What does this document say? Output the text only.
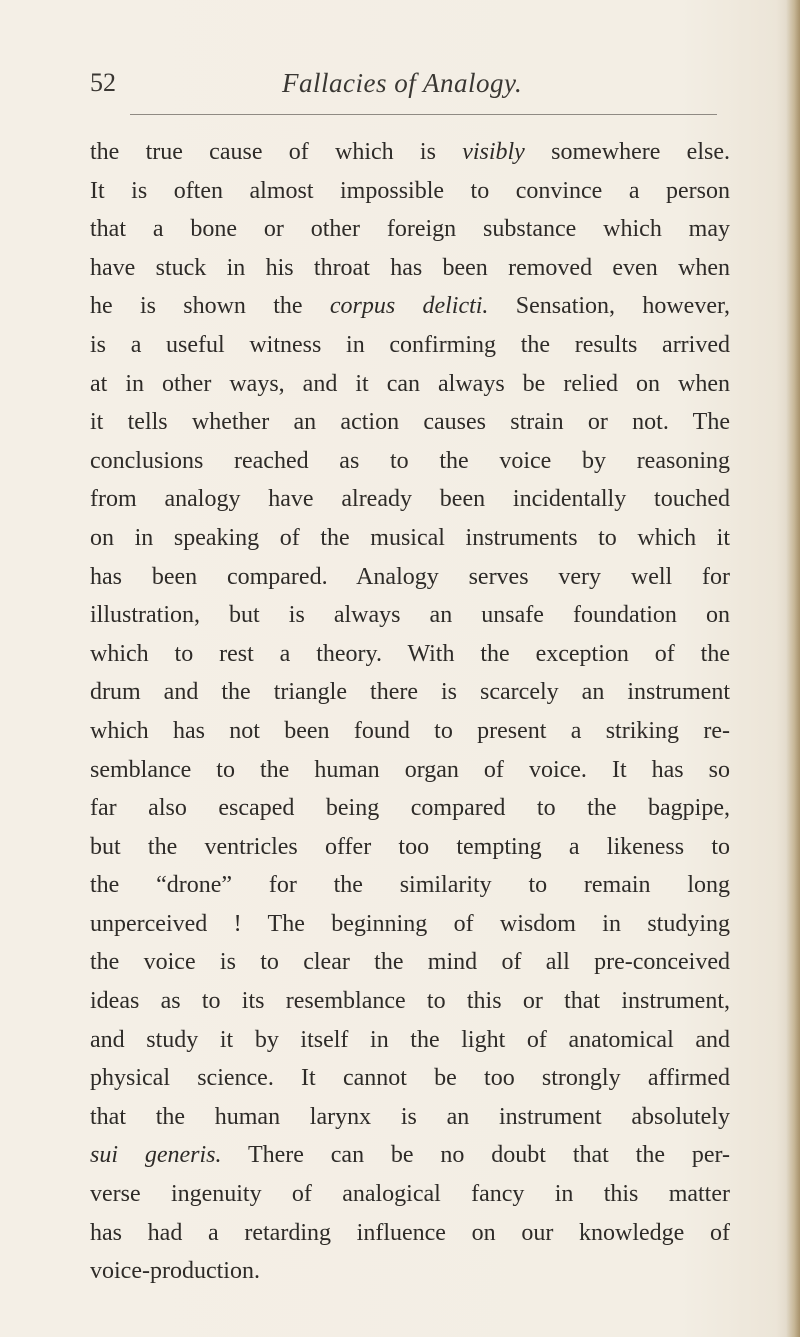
52	Fallacies of Analogy.
the true cause of which is visibly somewhere else.
It is often almost impossible to convince a person
that a bone or other foreign substance which may
have stuck in his throat has been removed even when
he is shown the corpus delicti. Sensation, however,
is a useful witness in confirming the results arrived
at in other ways, and it can always be relied on when
it tells whether an action causes strain or not. The
conclusions reached as to the voice by reasoning
from analogy have already been incidentally touched
on in speaking of the musical instruments to which it
has been compared. Analogy serves very well for
illustration, but is always an unsafe foundation on
which to rest a theory. With the exception of the
drum and the triangle there is scarcely an instrument
which has not been found to present a striking re-
semblance to the human organ of voice. It has so
far also escaped being compared to the bagpipe,
but the ventricles offer too tempting a likeness to
the “drone” for the similarity to remain long
unperceived ! The beginning of wisdom in studying
the voice is to clear the mind of all pre-conceived
ideas as to its resemblance to this or that instrument,
and study it by itself in the light of anatomical and
physical science. It cannot be too strongly affirmed
that the human larynx is an instrument absolutely
sui generis. There can be no doubt that the per-
verse ingenuity of analogical fancy in this matter
has had a retarding influence on our knowledge of
voice-production.
